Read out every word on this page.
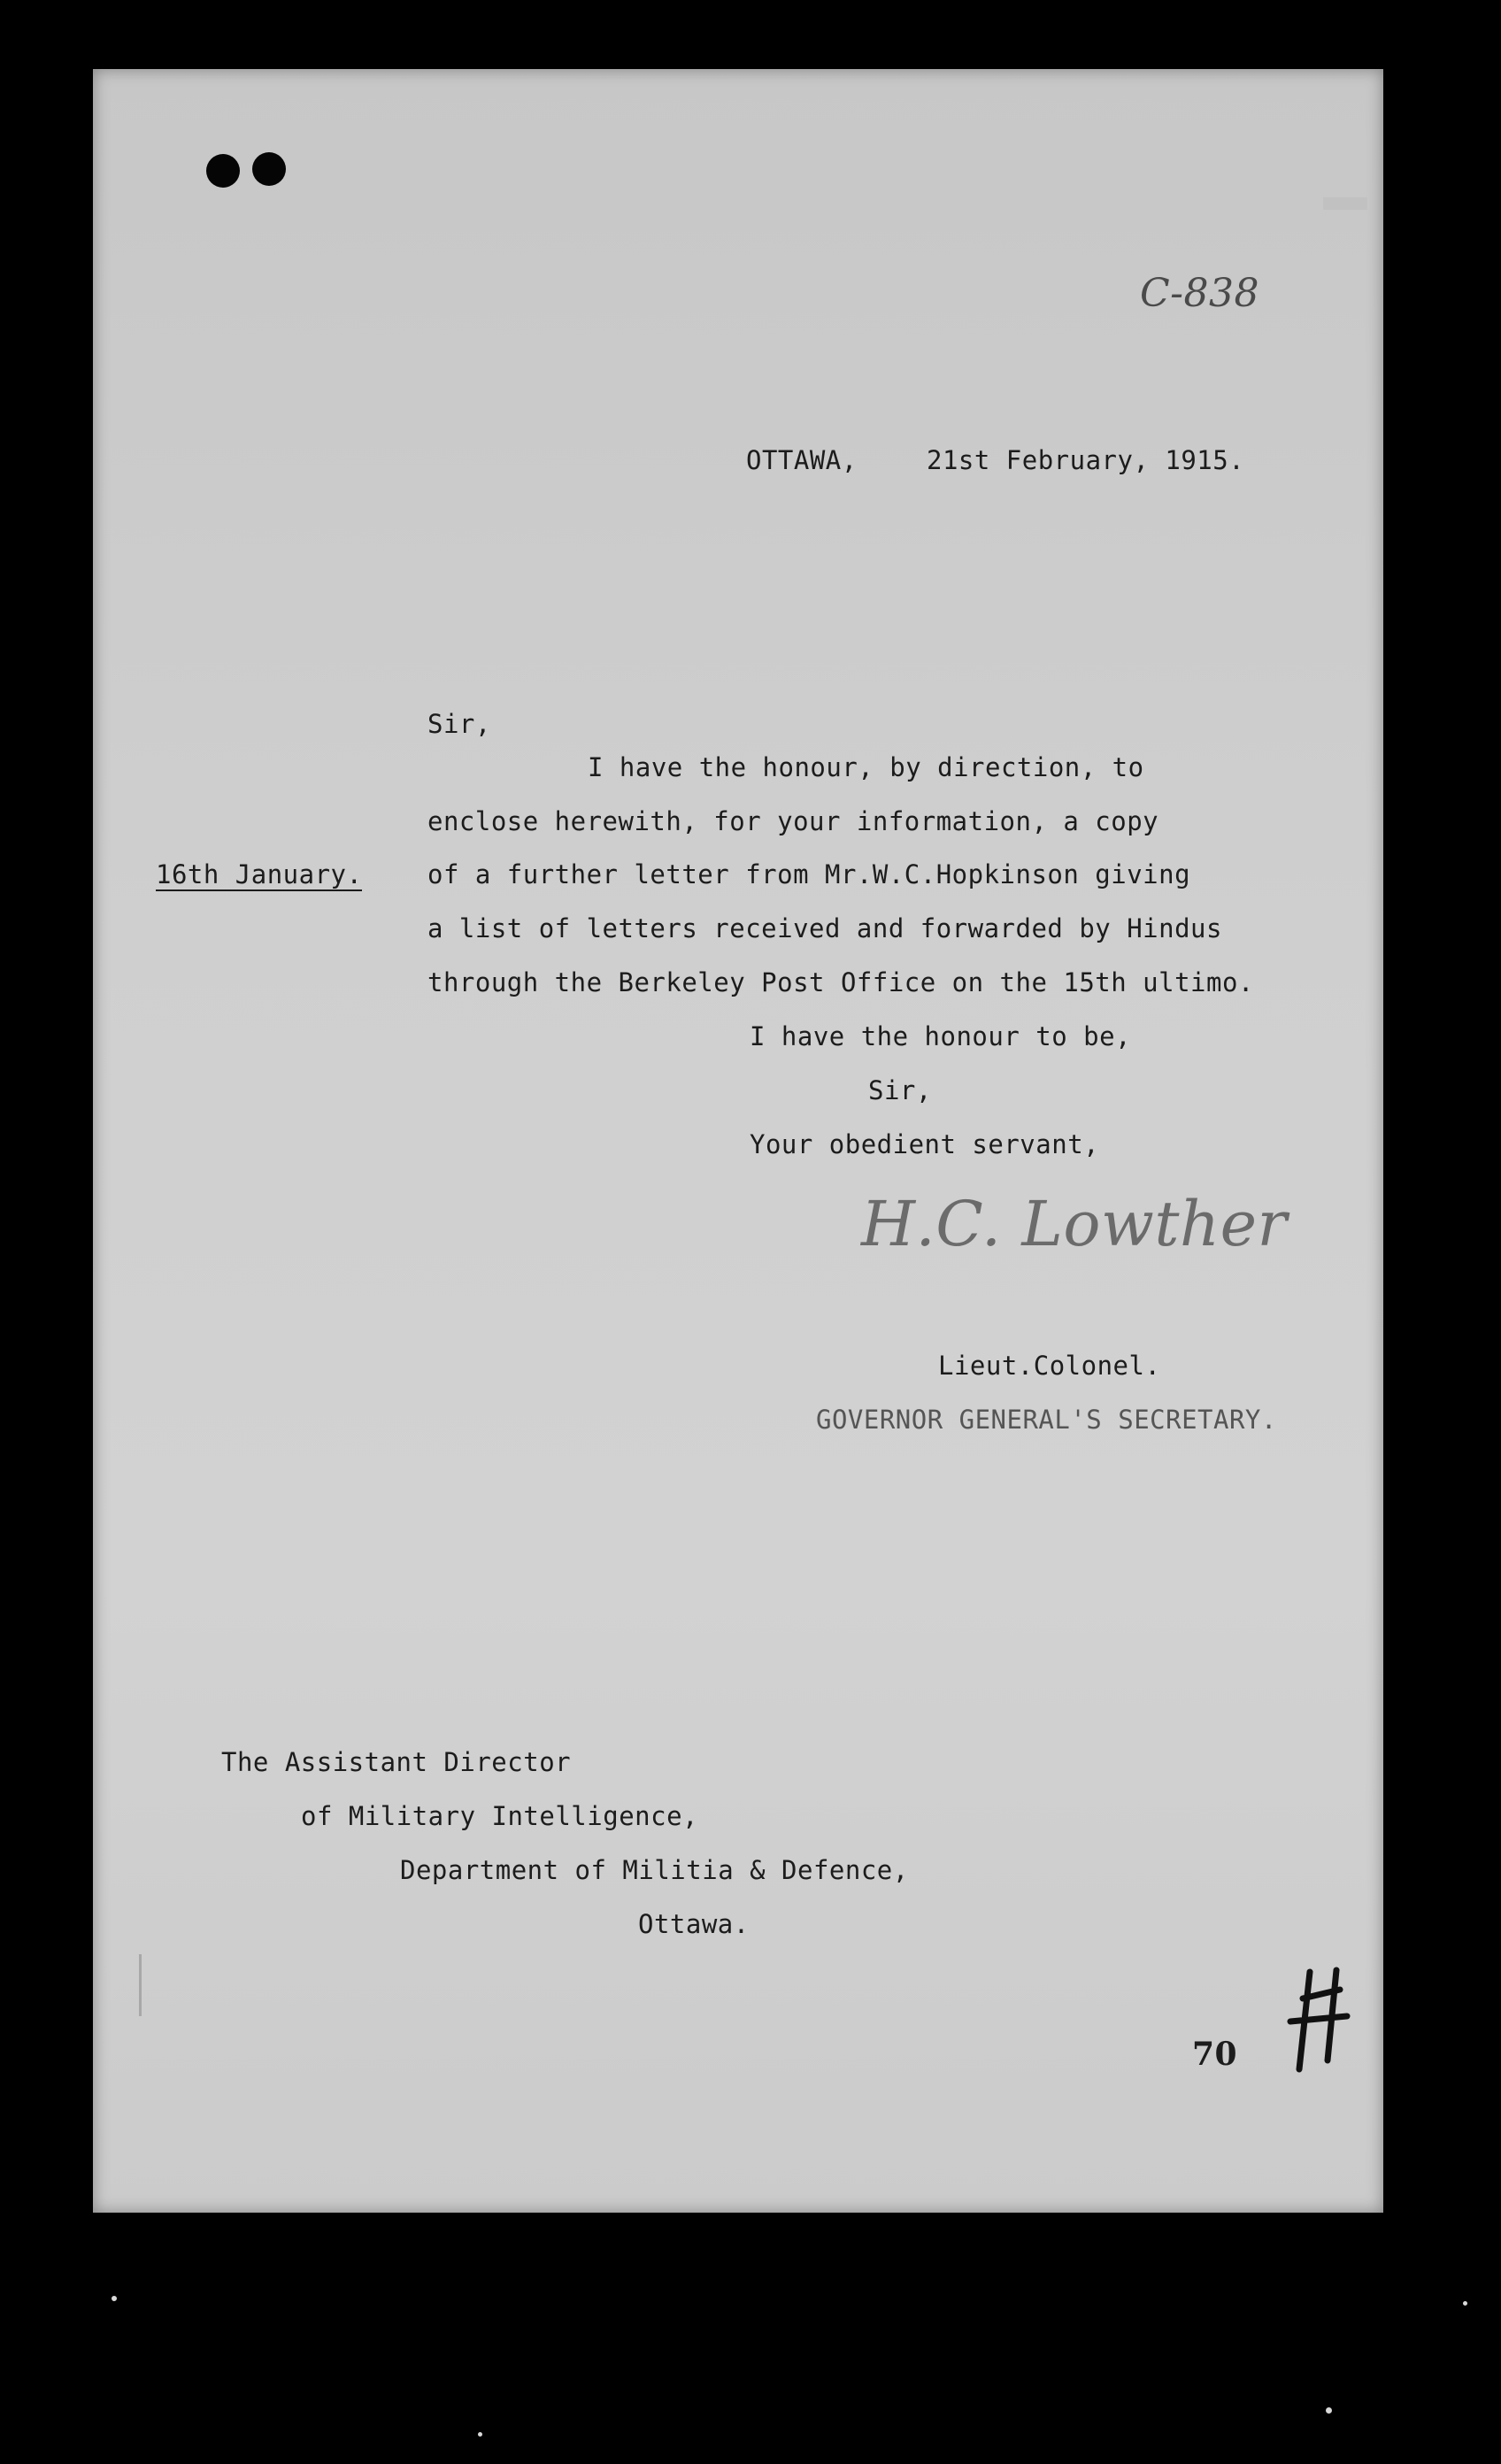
C-838
OTTAWA,	21st February, 1915.
Sir,
I have the honour, by direction, to
enclose herewith, for your information, a copy
16th January.	of a further letter from Mr.W.C.Hopkinson giving
a list of letters received and forwarded by Hindus
through the Berkeley Post Office on the 15th ultimo.
I have the honour to be,
Sir,
Your obedient servant,
H.C. Lowther
Lieut.Colonel.
GOVERNOR GENERAL'S SECRETARY.
The Assistant Director
of Military Intelligence,
Department of Militia & Defence,
Ottawa.
70
